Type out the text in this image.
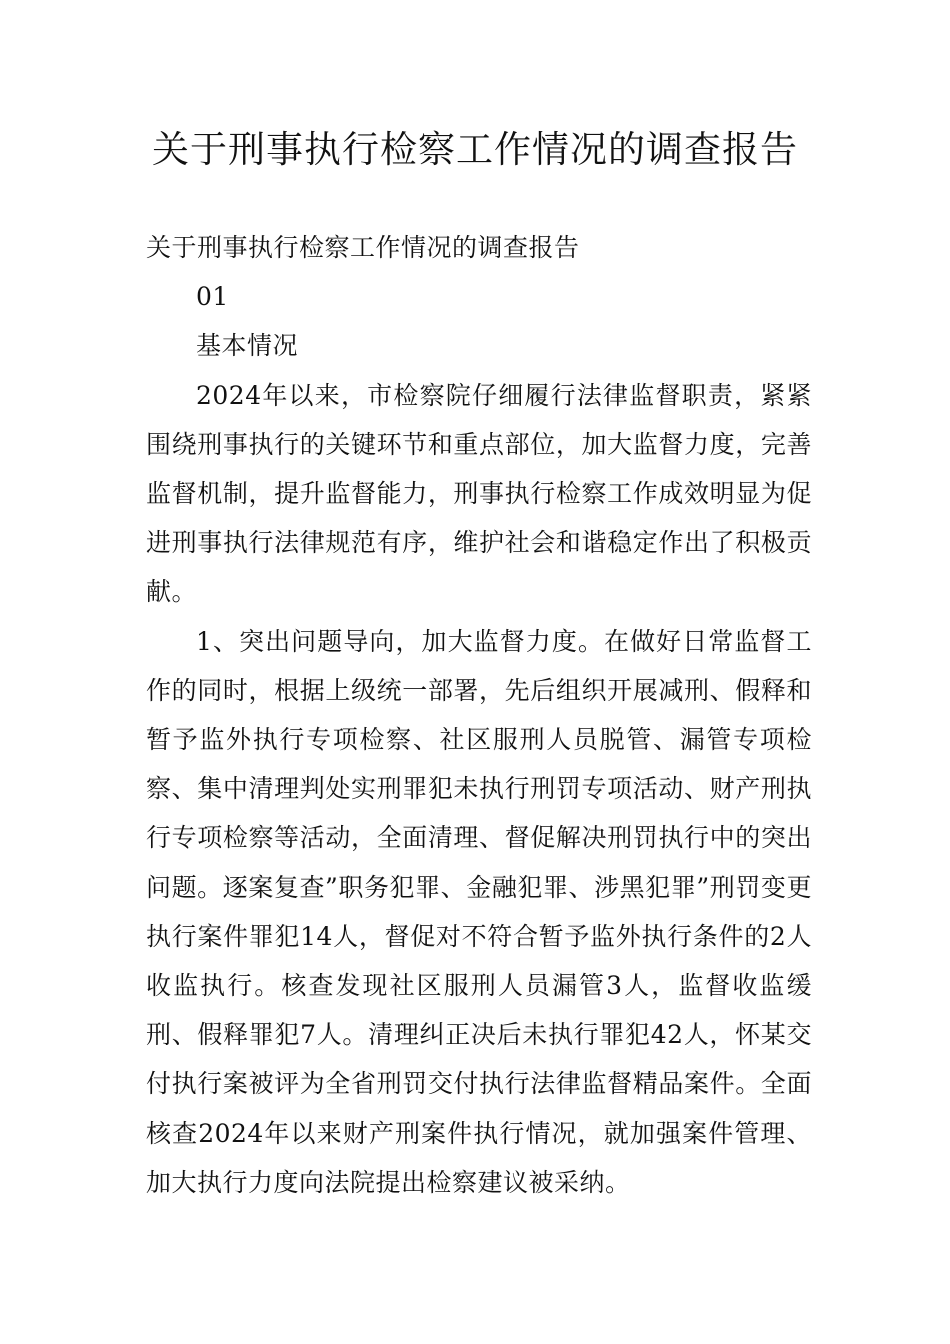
关于刑事执行检察工作情况的调查报告

关于刑事执行检察工作情况的调查报告

01

基本情况

2024年以来，市检察院仔细履行法律监督职责，紧紧围绕刑事执行的关键环节和重点部位，加大监督力度，完善监督机制，提升监督能力，刑事执行检察工作成效明显为促进刑事执行法律规范有序，维护社会和谐稳定作出了积极贡献。

1、突出问题导向，加大监督力度。在做好日常监督工作的同时，根据上级统一部署，先后组织开展减刑、假释和暂予监外执行专项检察、社区服刑人员脱管、漏管专项检察、集中清理判处实刑罪犯未执行刑罚专项活动、财产刑执行专项检察等活动，全面清理、督促解决刑罚执行中的突出问题。逐案复查”职务犯罪、金融犯罪、涉黑犯罪”刑罚变更执行案件罪犯14人，督促对不符合暂予监外执行条件的2人收监执行。核查发现社区服刑人员漏管3人，监督收监缓刑、假释罪犯7人。清理纠正决后未执行罪犯42人，怀某交付执行案被评为全省刑罚交付执行法律监督精品案件。全面核查2024年以来财产刑案件执行情况，就加强案件管理、加大执行力度向法院提出检察建议被采纳。
